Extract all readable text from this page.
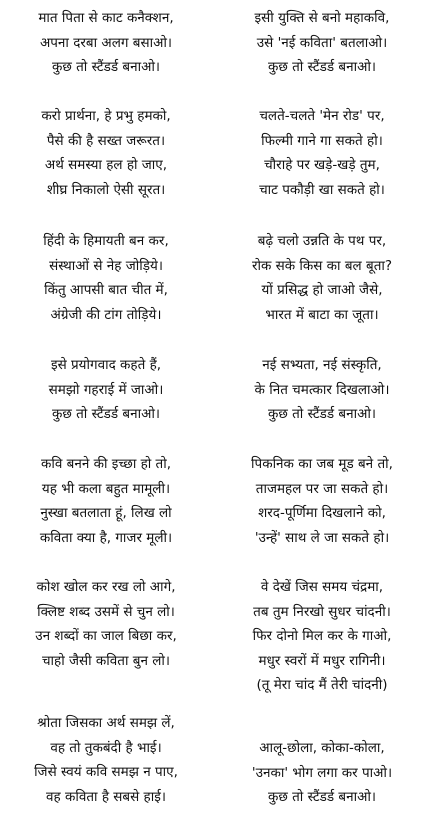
मात पिता से काट कनैक्शन,
अपना दरबा अलग बसाओ।
कुछ तो स्टैंडर्ड बनाओ।
करो प्रार्थना, हे प्रभु हमको,
पैसे की है सख्त जरूरत।
अर्थ समस्या हल हो जाए,
शीघ्र निकालो ऐसी सूरत।
हिंदी के हिमायती बन कर,
संस्थाओं से नेह जोड़िये।
किंतु आपसी बात चीत में,
अंग्रेजी की टांग तोड़िये।
इसे प्रयोगवाद कहते हैं,
समझो गहराई में जाओ।
कुछ तो स्टैंडर्ड बनाओ।
कवि बनने की इच्छा हो तो,
यह भी कला बहुत मामूली।
नुस्खा बतलाता हूं, लिख लो
कविता क्या है, गाजर मूली।
कोश खोल कर रख लो आगे,
क्लिष्ट शब्द उसमें से चुन लो।
उन शब्दों का जाल बिछा कर,
चाहो जैसी कविता बुन लो।
श्रोता जिसका अर्थ समझ लें,
वह तो तुकबंदी है भाई।
जिसे स्वयं कवि समझ न पाए,
वह कविता है सबसे हाई।
इसी युक्ति से बनो महाकवि,
उसे 'नई कविता' बतलाओ।
कुछ तो स्टैंडर्ड बनाओ।
चलते-चलते 'मेन रोड' पर,
फिल्मी गाने गा सकते हो।
चौराहे पर खड़े-खड़े तुम,
चाट पकौड़ी खा सकते हो।
बढ़े चलो उन्नति के पथ पर,
रोक सके किस का बल बूता?
यों प्रसिद्ध हो जाओ जैसे,
भारत में बाटा का जूता।
नई सभ्यता, नई संस्कृति,
के नित चमत्कार दिखलाओ।
कुछ तो स्टैंडर्ड बनाओ।
पिकनिक का जब मूड बने तो,
ताजमहल पर जा सकते हो।
शरद-पूर्णिमा दिखलाने को,
'उन्हें' साथ ले जा सकते हो।
वे देखें जिस समय चंद्रमा,
तब तुम निरखो सुधर चांदनी।
फिर दोनो मिल कर के गाओ,
मधुर स्वरों में मधुर रागिनी।
(तू मेरा चांद मैं तेरी चांदनी)
आलू-छोला, कोका-कोला,
'उनका' भोग लगा कर पाओ।
कुछ तो स्टैंडर्ड बनाओ।
